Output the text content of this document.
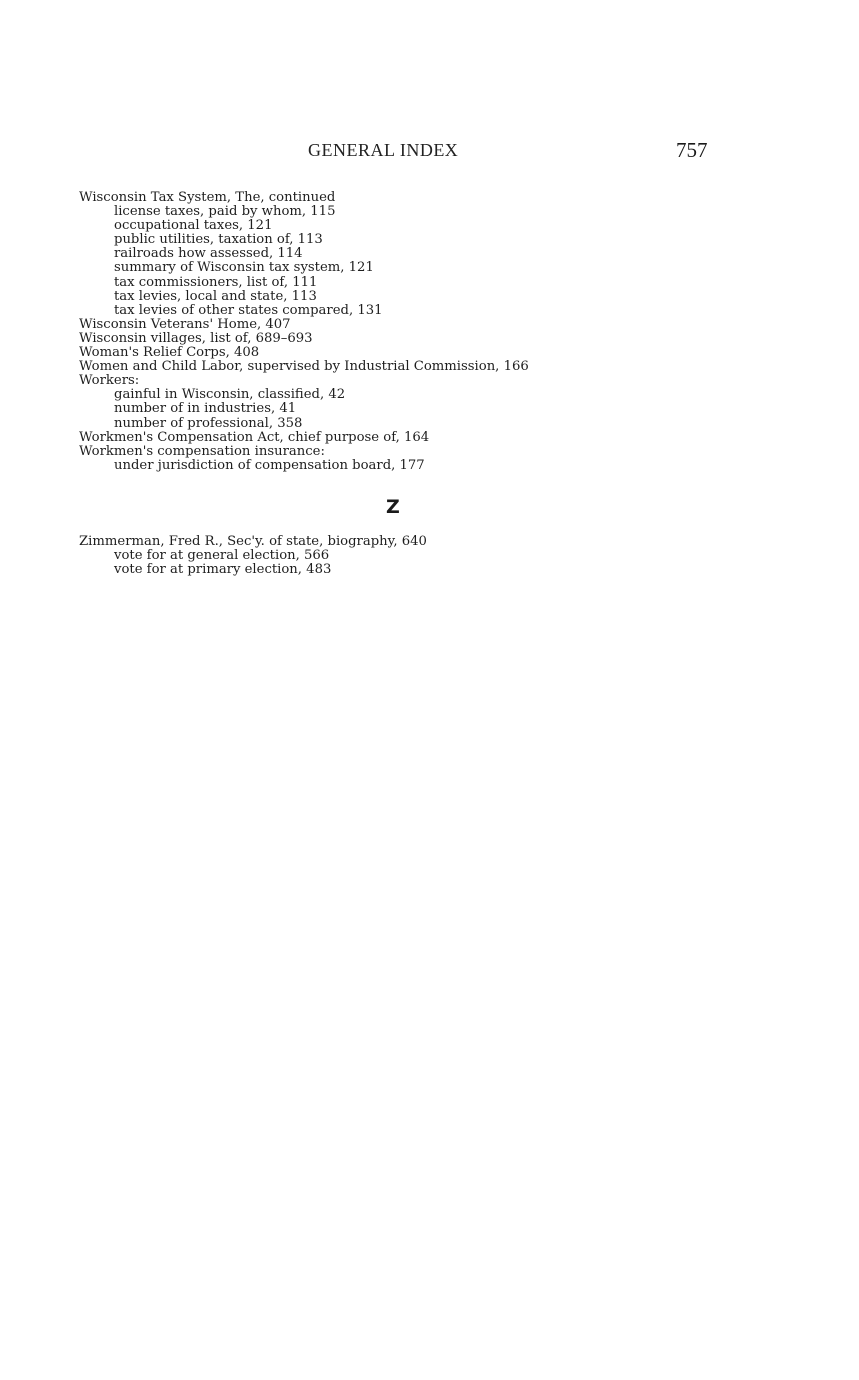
GENERAL INDEX	757
Wisconsin Tax System, The, continued
license taxes, paid by whom, 115
occupational taxes, 121
public utilities, taxation of, 113
railroads how assessed, 114
summary of Wisconsin tax system, 121
tax commissioners, list of, 111
tax levies, local and state, 113
tax levies of other states compared, 131
Wisconsin Veterans' Home, 407
Wisconsin villages, list of, 689–693
Woman's Relief Corps, 408
Women and Child Labor, supervised by Industrial Commission, 166
Workers:
gainful in Wisconsin, classified, 42
number of in industries, 41
number of professional, 358
Workmen's Compensation Act, chief purpose of, 164
Workmen's compensation insurance:
under jurisdiction of compensation board, 177
Z
Zimmerman, Fred R., Sec'y. of state, biography, 640
vote for at general election, 566
vote for at primary election, 483
